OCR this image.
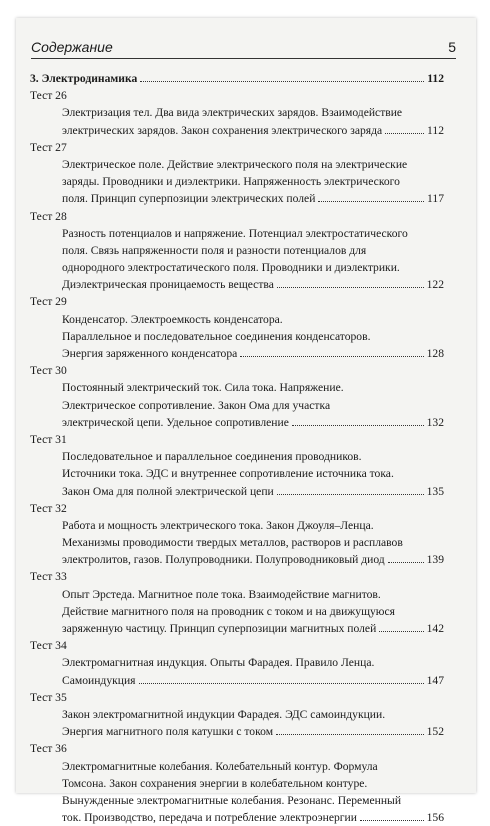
Содержание	5
3. Электродинамика	112
Тест 26
Электризация тел. Два вида электрических зарядов. Взаимодействие
электрических зарядов. Закон сохранения электрического заряда	112
Тест 27
Электрическое поле. Действие электрического поля на электрические
заряды. Проводники и диэлектрики. Напряженность электрического
поля. Принцип суперпозиции электрических полей	117
Тест 28
Разность потенциалов и напряжение. Потенциал электростатического
поля. Связь напряженности поля и разности потенциалов для
однородного электростатического поля. Проводники и диэлектрики.
Диэлектрическая проницаемость вещества	122
Тест 29
Конденсатор. Электроемкость конденсатора.
Параллельное и последовательное соединения конденсаторов.
Энергия заряженного конденсатора	128
Тест 30
Постоянный электрический ток. Сила тока. Напряжение.
Электрическое сопротивление. Закон Ома для участка
электрической цепи. Удельное сопротивление	132
Тест 31
Последовательное и параллельное соединения проводников.
Источники тока. ЭДС и внутреннее сопротивление источника тока.
Закон Ома для полной электрической цепи	135
Тест 32
Работа и мощность электрического тока. Закон Джоуля–Ленца.
Механизмы проводимости твердых металлов, растворов и расплавов
электролитов, газов. Полупроводники. Полупроводниковый диод	139
Тест 33
Опыт Эрстеда. Магнитное поле тока. Взаимодействие магнитов.
Действие магнитного поля на проводник с током и на движущуюся
заряженную частицу. Принцип суперпозиции магнитных полей	142
Тест 34
Электромагнитная индукция. Опыты Фарадея. Правило Ленца.
Самоиндукция	147
Тест 35
Закон электромагнитной индукции Фарадея. ЭДС самоиндукции.
Энергия магнитного поля катушки с током	152
Тест 36
Электромагнитные колебания. Колебательный контур. Формула
Томсона. Закон сохранения энергии в колебательном контуре.
Вынужденные электромагнитные колебания. Резонанс. Переменный
ток. Производство, передача и потребление электроэнергии	156
